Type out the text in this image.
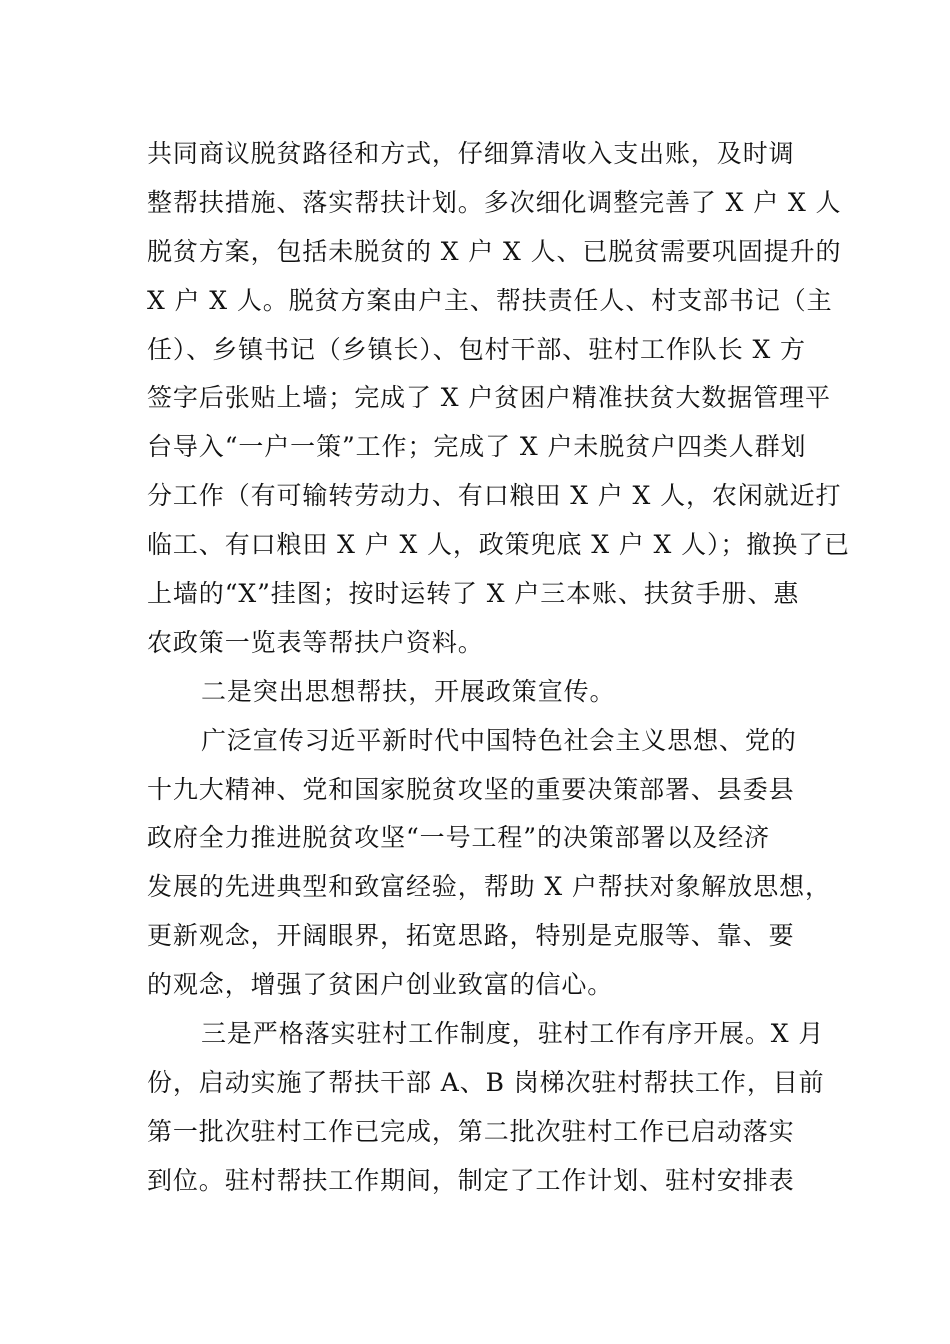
共同商议脱贫路径和方式，仔细算清收入支出账，及时调
整帮扶措施、落实帮扶计划。多次细化调整完善了 X 户 X 人
脱贫方案，包括未脱贫的 X 户 X 人、已脱贫需要巩固提升的
X 户 X 人。脱贫方案由户主、帮扶责任人、村支部书记（主
任）、乡镇书记（乡镇长）、包村干部、驻村工作队长 X 方
签字后张贴上墙；完成了 X 户贫困户精准扶贫大数据管理平
台导入“一户一策”工作；完成了 X 户未脱贫户四类人群划
分工作（有可输转劳动力、有口粮田 X 户 X 人，农闲就近打
临工、有口粮田 X 户 X 人，政策兜底 X 户 X 人）；撤换了已
上墙的“X”挂图；按时运转了 X 户三本账、扶贫手册、惠
农政策一览表等帮扶户资料。
二是突出思想帮扶，开展政策宣传。
广泛宣传习近平新时代中国特色社会主义思想、党的
十九大精神、党和国家脱贫攻坚的重要决策部署、县委县
政府全力推进脱贫攻坚“一号工程”的决策部署以及经济
发展的先进典型和致富经验，帮助 X 户帮扶对象解放思想，
更新观念，开阔眼界，拓宽思路，特别是克服等、靠、要
的观念，增强了贫困户创业致富的信心。
三是严格落实驻村工作制度，驻村工作有序开展。X 月
份，启动实施了帮扶干部 A、B 岗梯次驻村帮扶工作，目前
第一批次驻村工作已完成，第二批次驻村工作已启动落实
到位。驻村帮扶工作期间，制定了工作计划、驻村安排表
